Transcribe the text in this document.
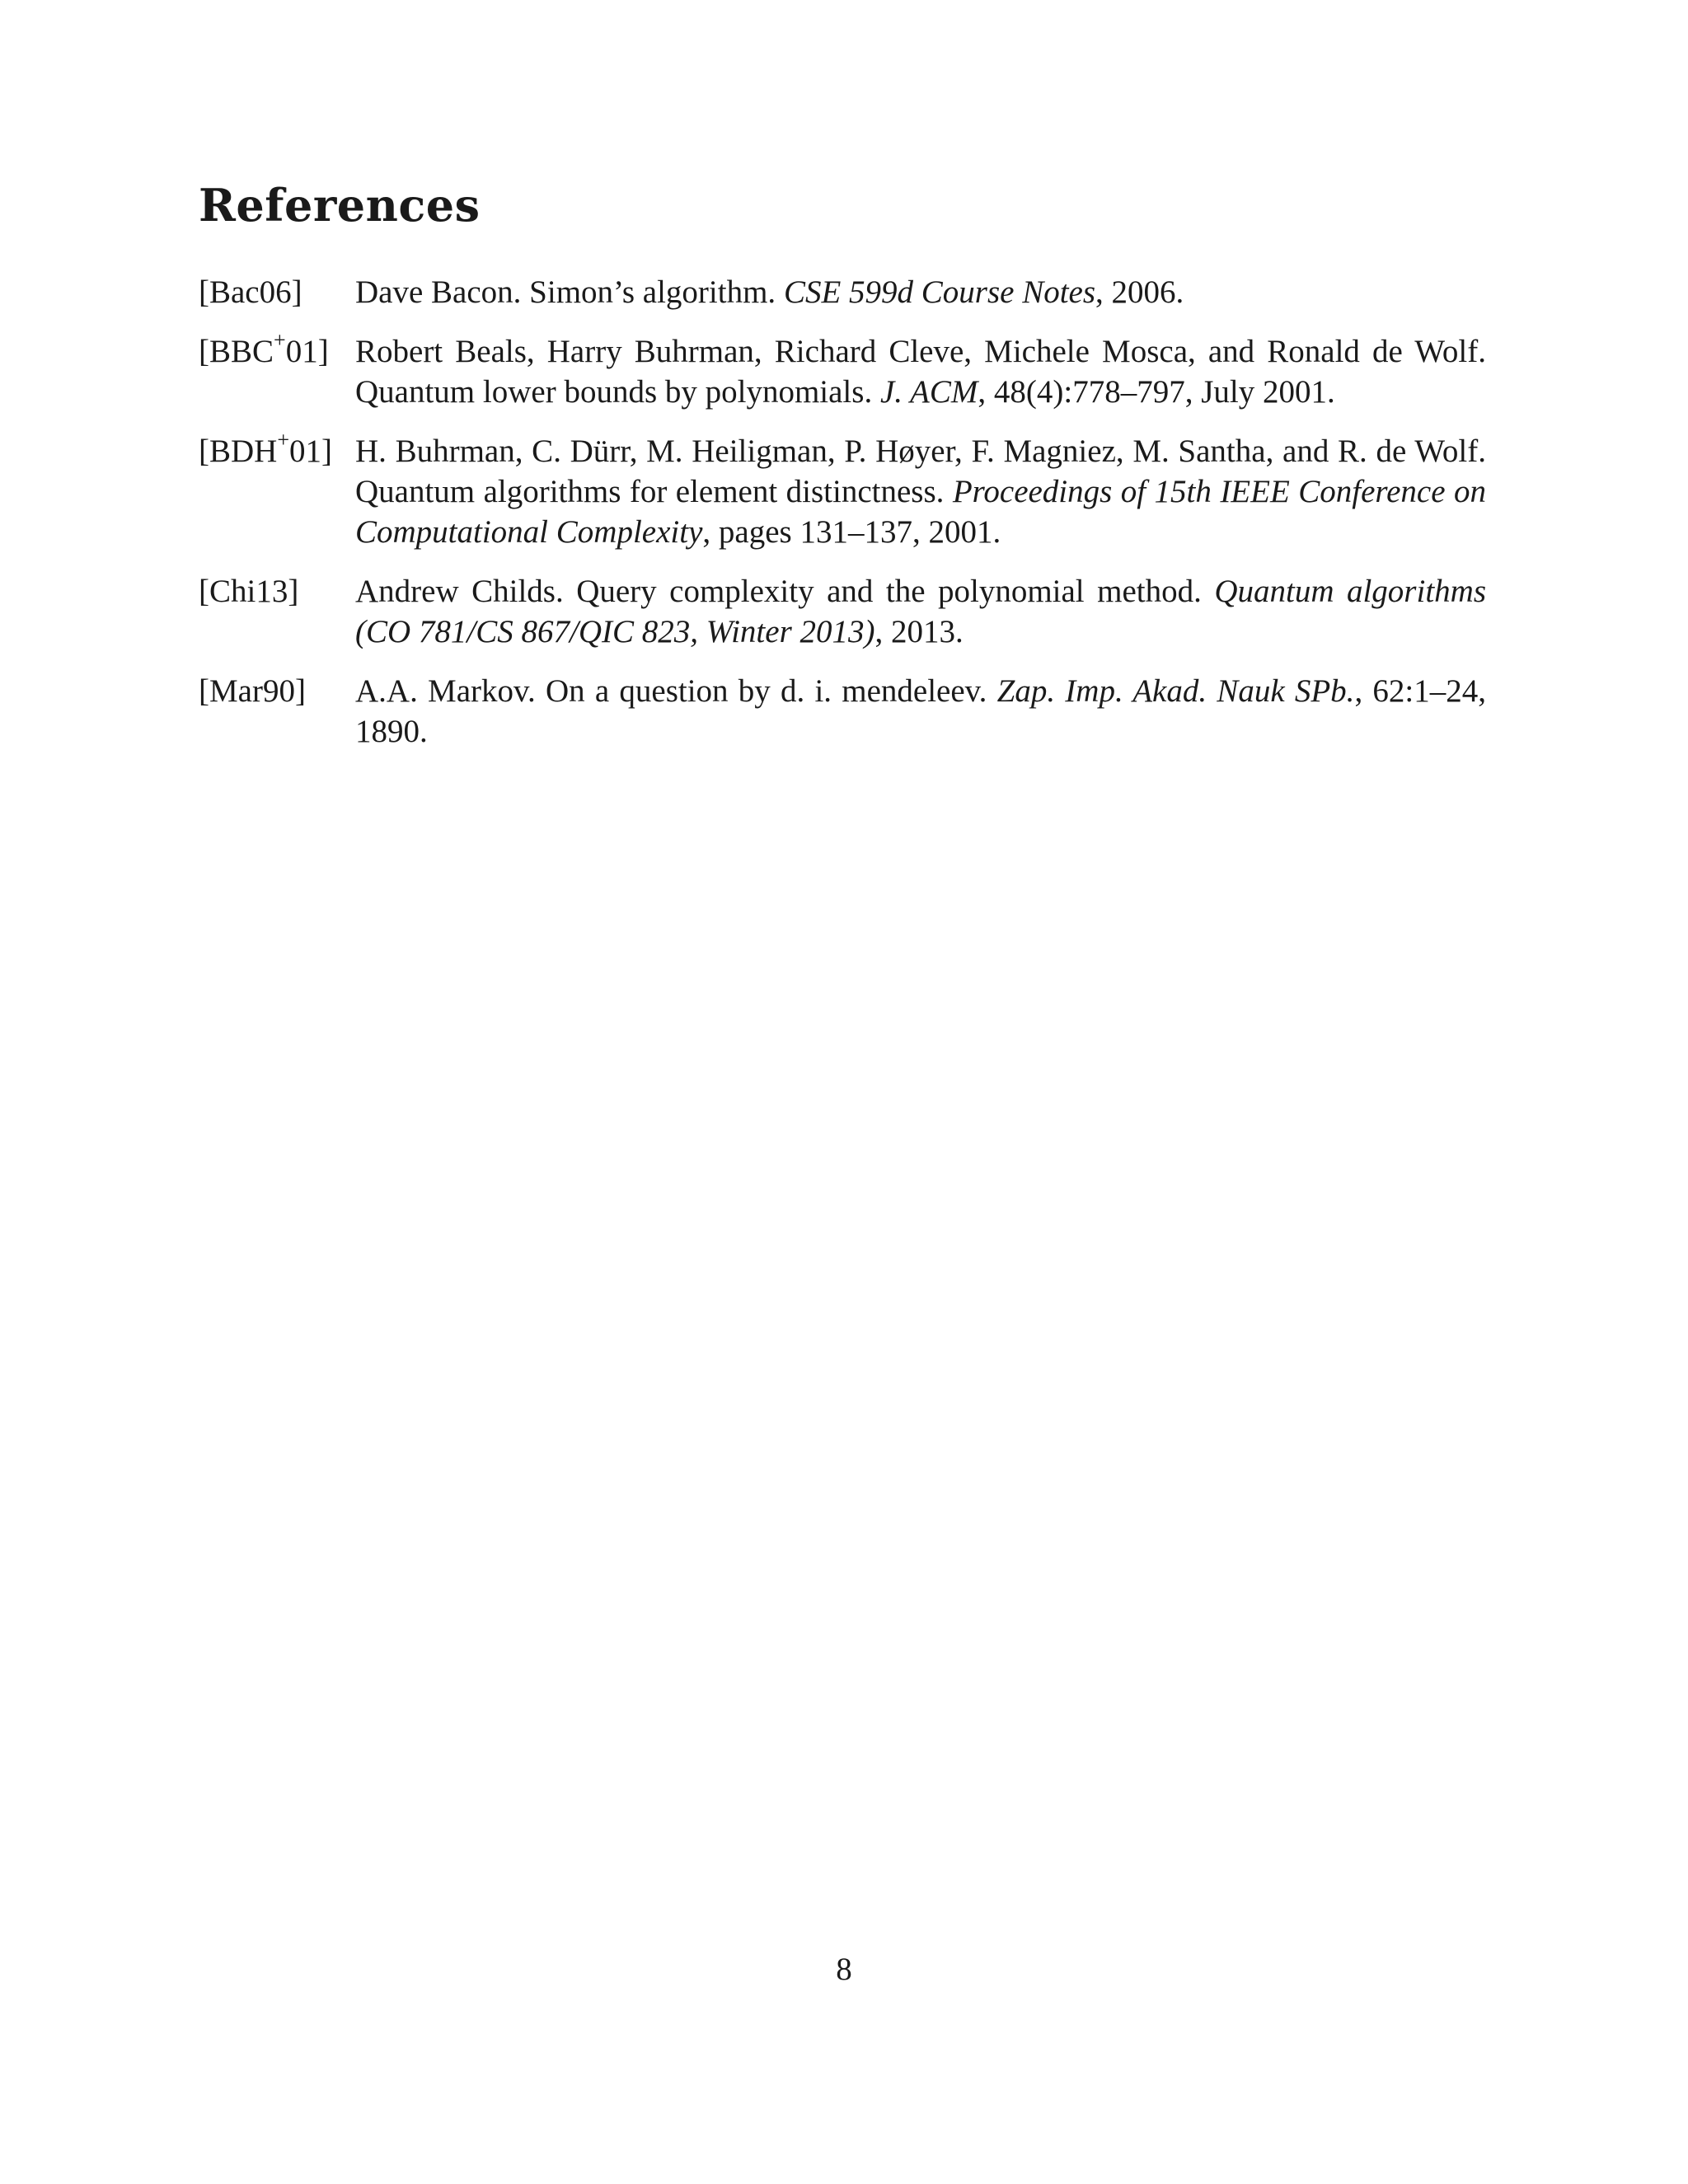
References
[Bac06]	Dave Bacon. Simon’s algorithm. CSE 599d Course Notes, 2006.
[BBC+01] Robert Beals, Harry Buhrman, Richard Cleve, Michele Mosca, and Ronald de Wolf. Quantum lower bounds by polynomials. J. ACM, 48(4):778–797, July 2001.
[BDH+01] H. Buhrman, C. Dürr, M. Heiligman, P. Høyer, F. Magniez, M. Santha, and R. de Wolf. Quantum algorithms for element distinctness. Proceedings of 15th IEEE Conference on Computational Complexity, pages 131–137, 2001.
[Chi13]	Andrew Childs. Query complexity and the polynomial method. Quantum algorithms (CO 781/CS 867/QIC 823, Winter 2013), 2013.
[Mar90]	A.A. Markov. On a question by d. i. mendeleev. Zap. Imp. Akad. Nauk SPb., 62:1–24, 1890.
8
